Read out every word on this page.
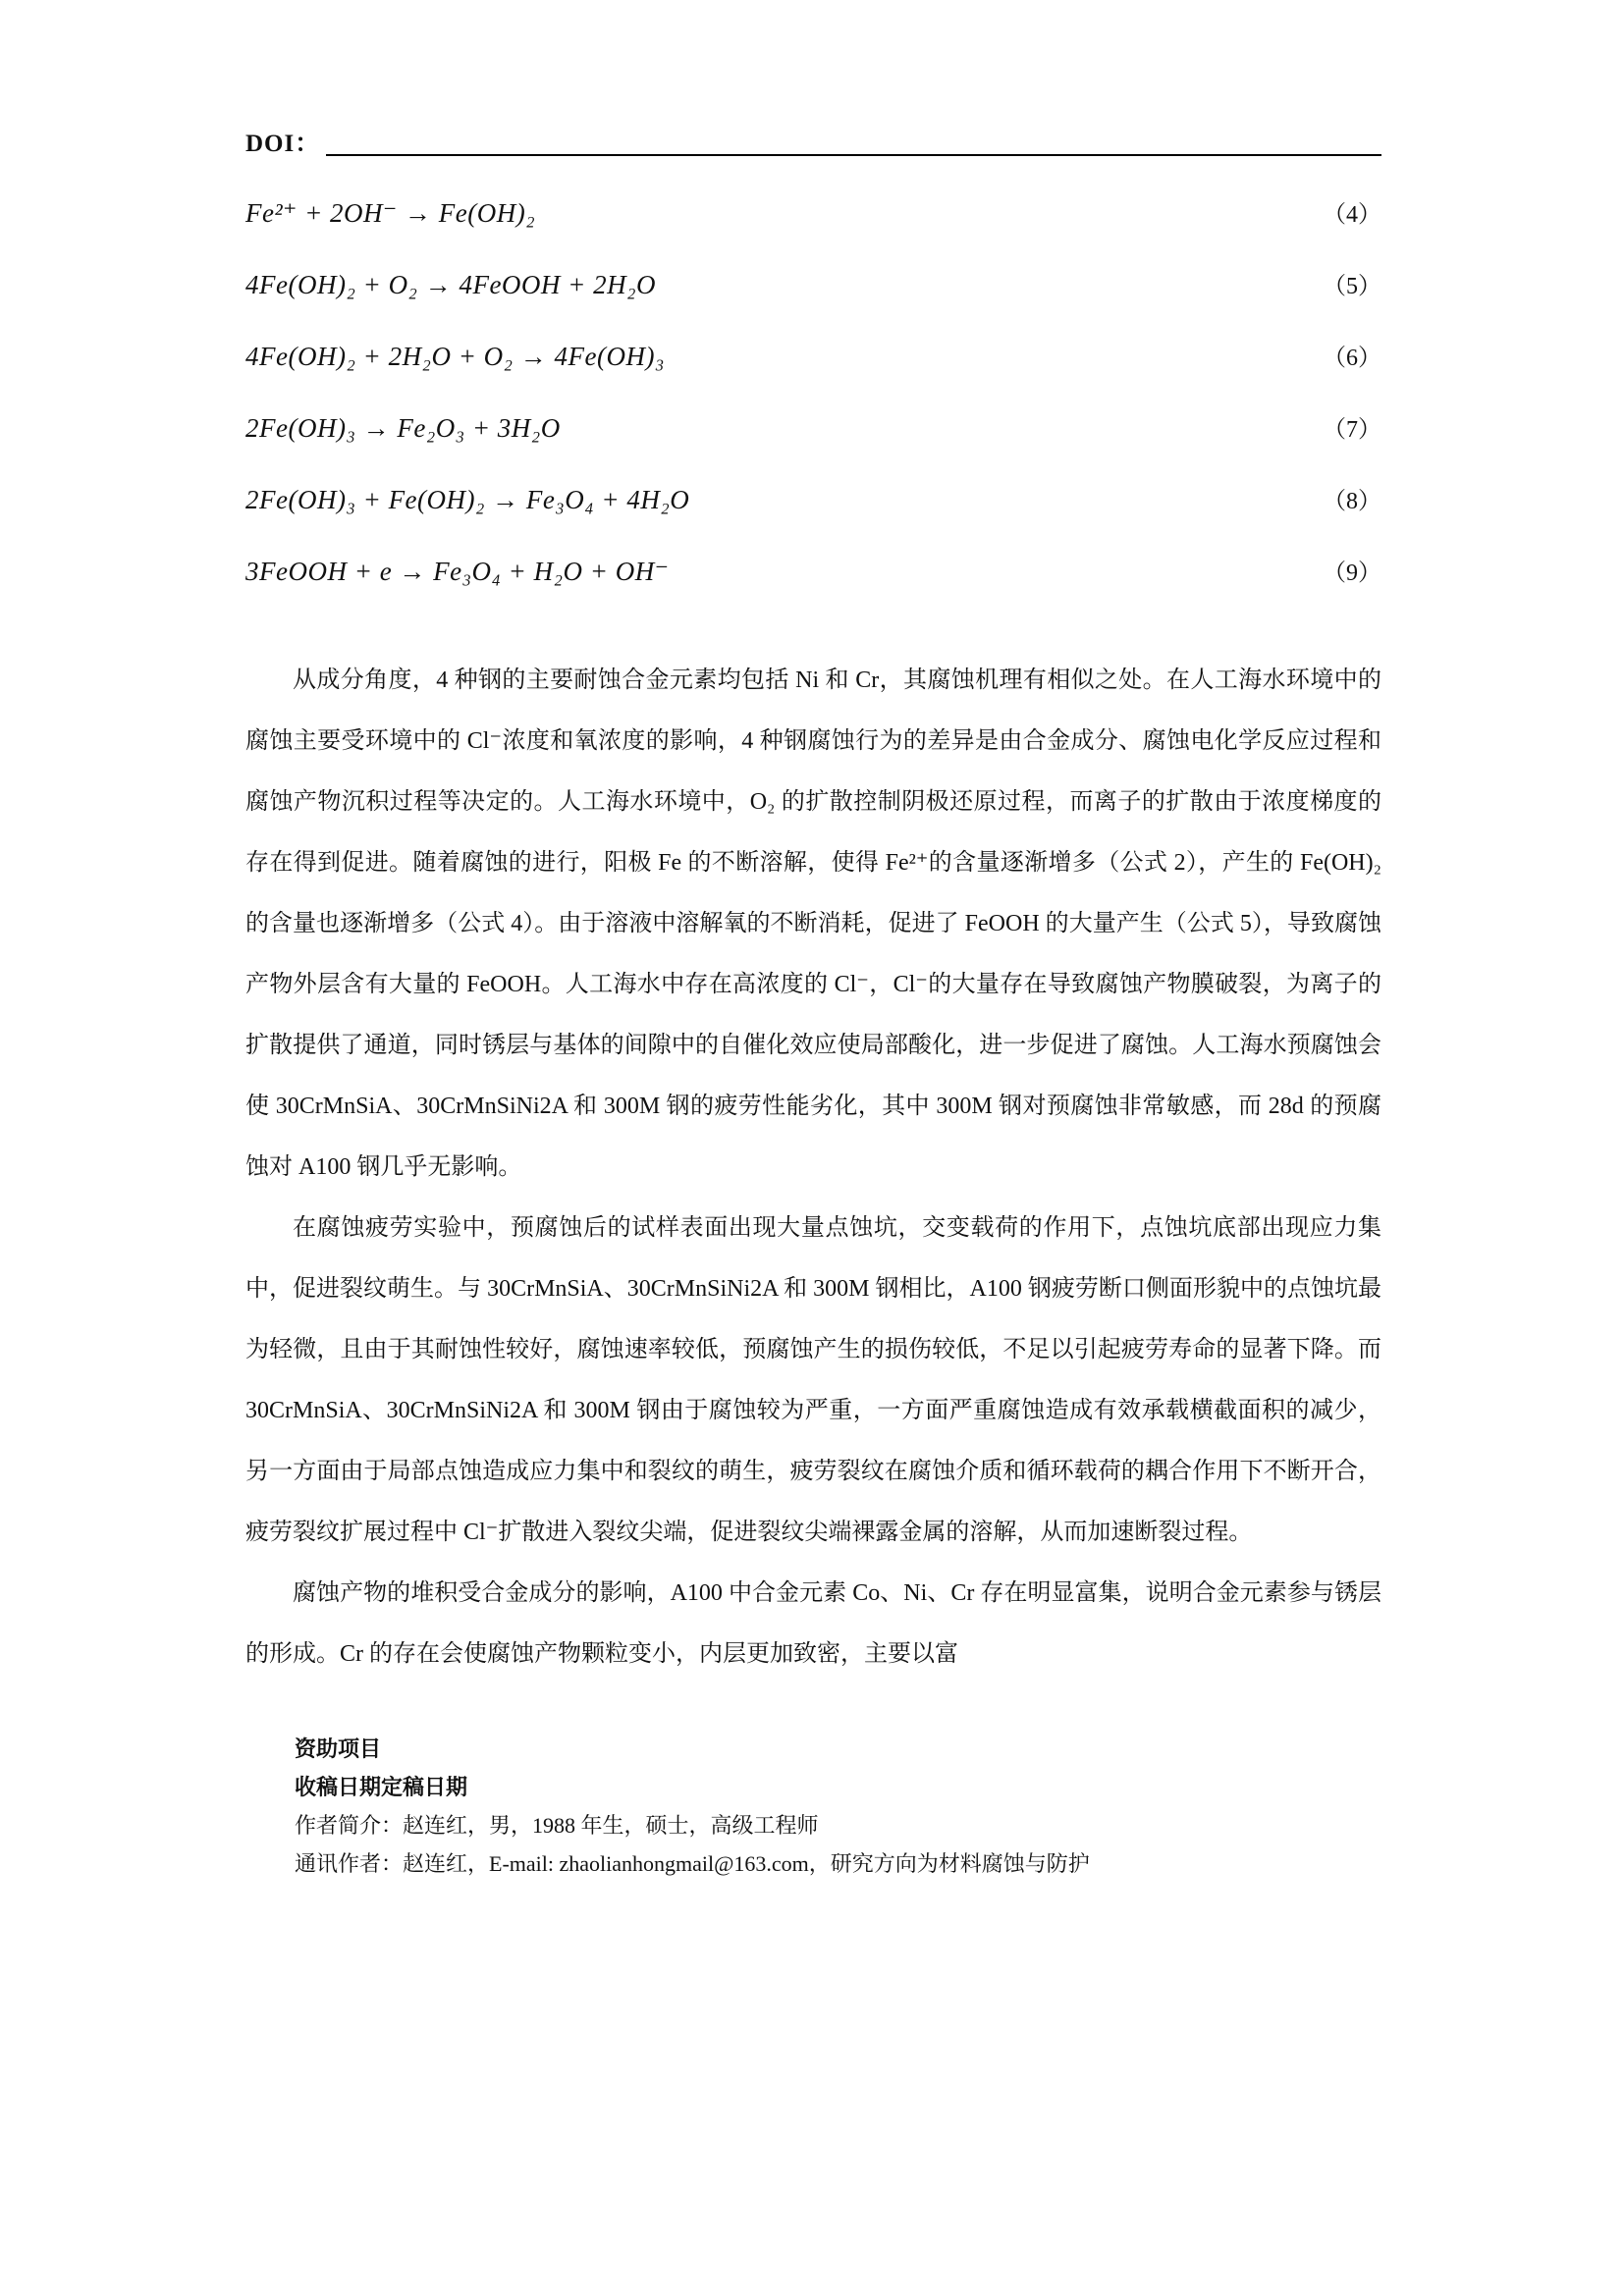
DOI：
Fe²⁺ + 2OH⁻ → Fe(OH)₂	（4）
4Fe(OH)₂ + O₂ → 4FeOOH + 2H₂O	（5）
4Fe(OH)₂ + 2H₂O + O₂ → 4Fe(OH)₃	（6）
2Fe(OH)₃ → Fe₂O₃ + 3H₂O	（7）
2Fe(OH)₃ + Fe(OH)₂ → Fe₃O₄ + 4H₂O	（8）
3FeOOH + e → Fe₃O₄ + H₂O + OH⁻	（9）

从成分角度，4 种钢的主要耐蚀合金元素均包括 Ni 和 Cr，其腐蚀机理有相似之处。在人工海水环境中的腐蚀主要受环境中的 Cl⁻浓度和氧浓度的影响，4 种钢腐蚀行为的差异是由合金成分、腐蚀电化学反应过程和腐蚀产物沉积过程等决定的。人工海水环境中，O₂ 的扩散控制阴极还原过程，而离子的扩散由于浓度梯度的存在得到促进。随着腐蚀的进行，阳极 Fe 的不断溶解，使得 Fe²⁺的含量逐渐增多（公式 2），产生的 Fe(OH)₂ 的含量也逐渐增多（公式 4）。由于溶液中溶解氧的不断消耗，促进了 FeOOH 的大量产生（公式 5），导致腐蚀产物外层含有大量的 FeOOH。人工海水中存在高浓度的 Cl⁻，Cl⁻的大量存在导致腐蚀产物膜破裂，为离子的扩散提供了通道，同时锈层与基体的间隙中的自催化效应使局部酸化，进一步促进了腐蚀。人工海水预腐蚀会使 30CrMnSiA、30CrMnSiNi2A 和 300M 钢的疲劳性能劣化，其中 300M 钢对预腐蚀非常敏感，而 28d 的预腐蚀对 A100 钢几乎无影响。

在腐蚀疲劳实验中，预腐蚀后的试样表面出现大量点蚀坑，交变载荷的作用下，点蚀坑底部出现应力集中，促进裂纹萌生。与 30CrMnSiA、30CrMnSiNi2A 和 300M 钢相比，A100 钢疲劳断口侧面形貌中的点蚀坑最为轻微，且由于其耐蚀性较好，腐蚀速率较低，预腐蚀产生的损伤较低，不足以引起疲劳寿命的显著下降。而 30CrMnSiA、30CrMnSiNi2A 和 300M 钢由于腐蚀较为严重，一方面严重腐蚀造成有效承载横截面积的减少，另一方面由于局部点蚀造成应力集中和裂纹的萌生，疲劳裂纹在腐蚀介质和循环载荷的耦合作用下不断开合，疲劳裂纹扩展过程中 Cl⁻扩散进入裂纹尖端，促进裂纹尖端裸露金属的溶解，从而加速断裂过程。

腐蚀产物的堆积受合金成分的影响，A100 中合金元素 Co、Ni、Cr 存在明显富集，说明合金元素参与锈层的形成。Cr 的存在会使腐蚀产物颗粒变小，内层更加致密，主要以富

资助项目
收稿日期定稿日期
作者简介：赵连红，男，1988 年生，硕士，高级工程师
通讯作者：赵连红，E-mail: zhaolianhongmail@163.com，研究方向为材料腐蚀与防护
